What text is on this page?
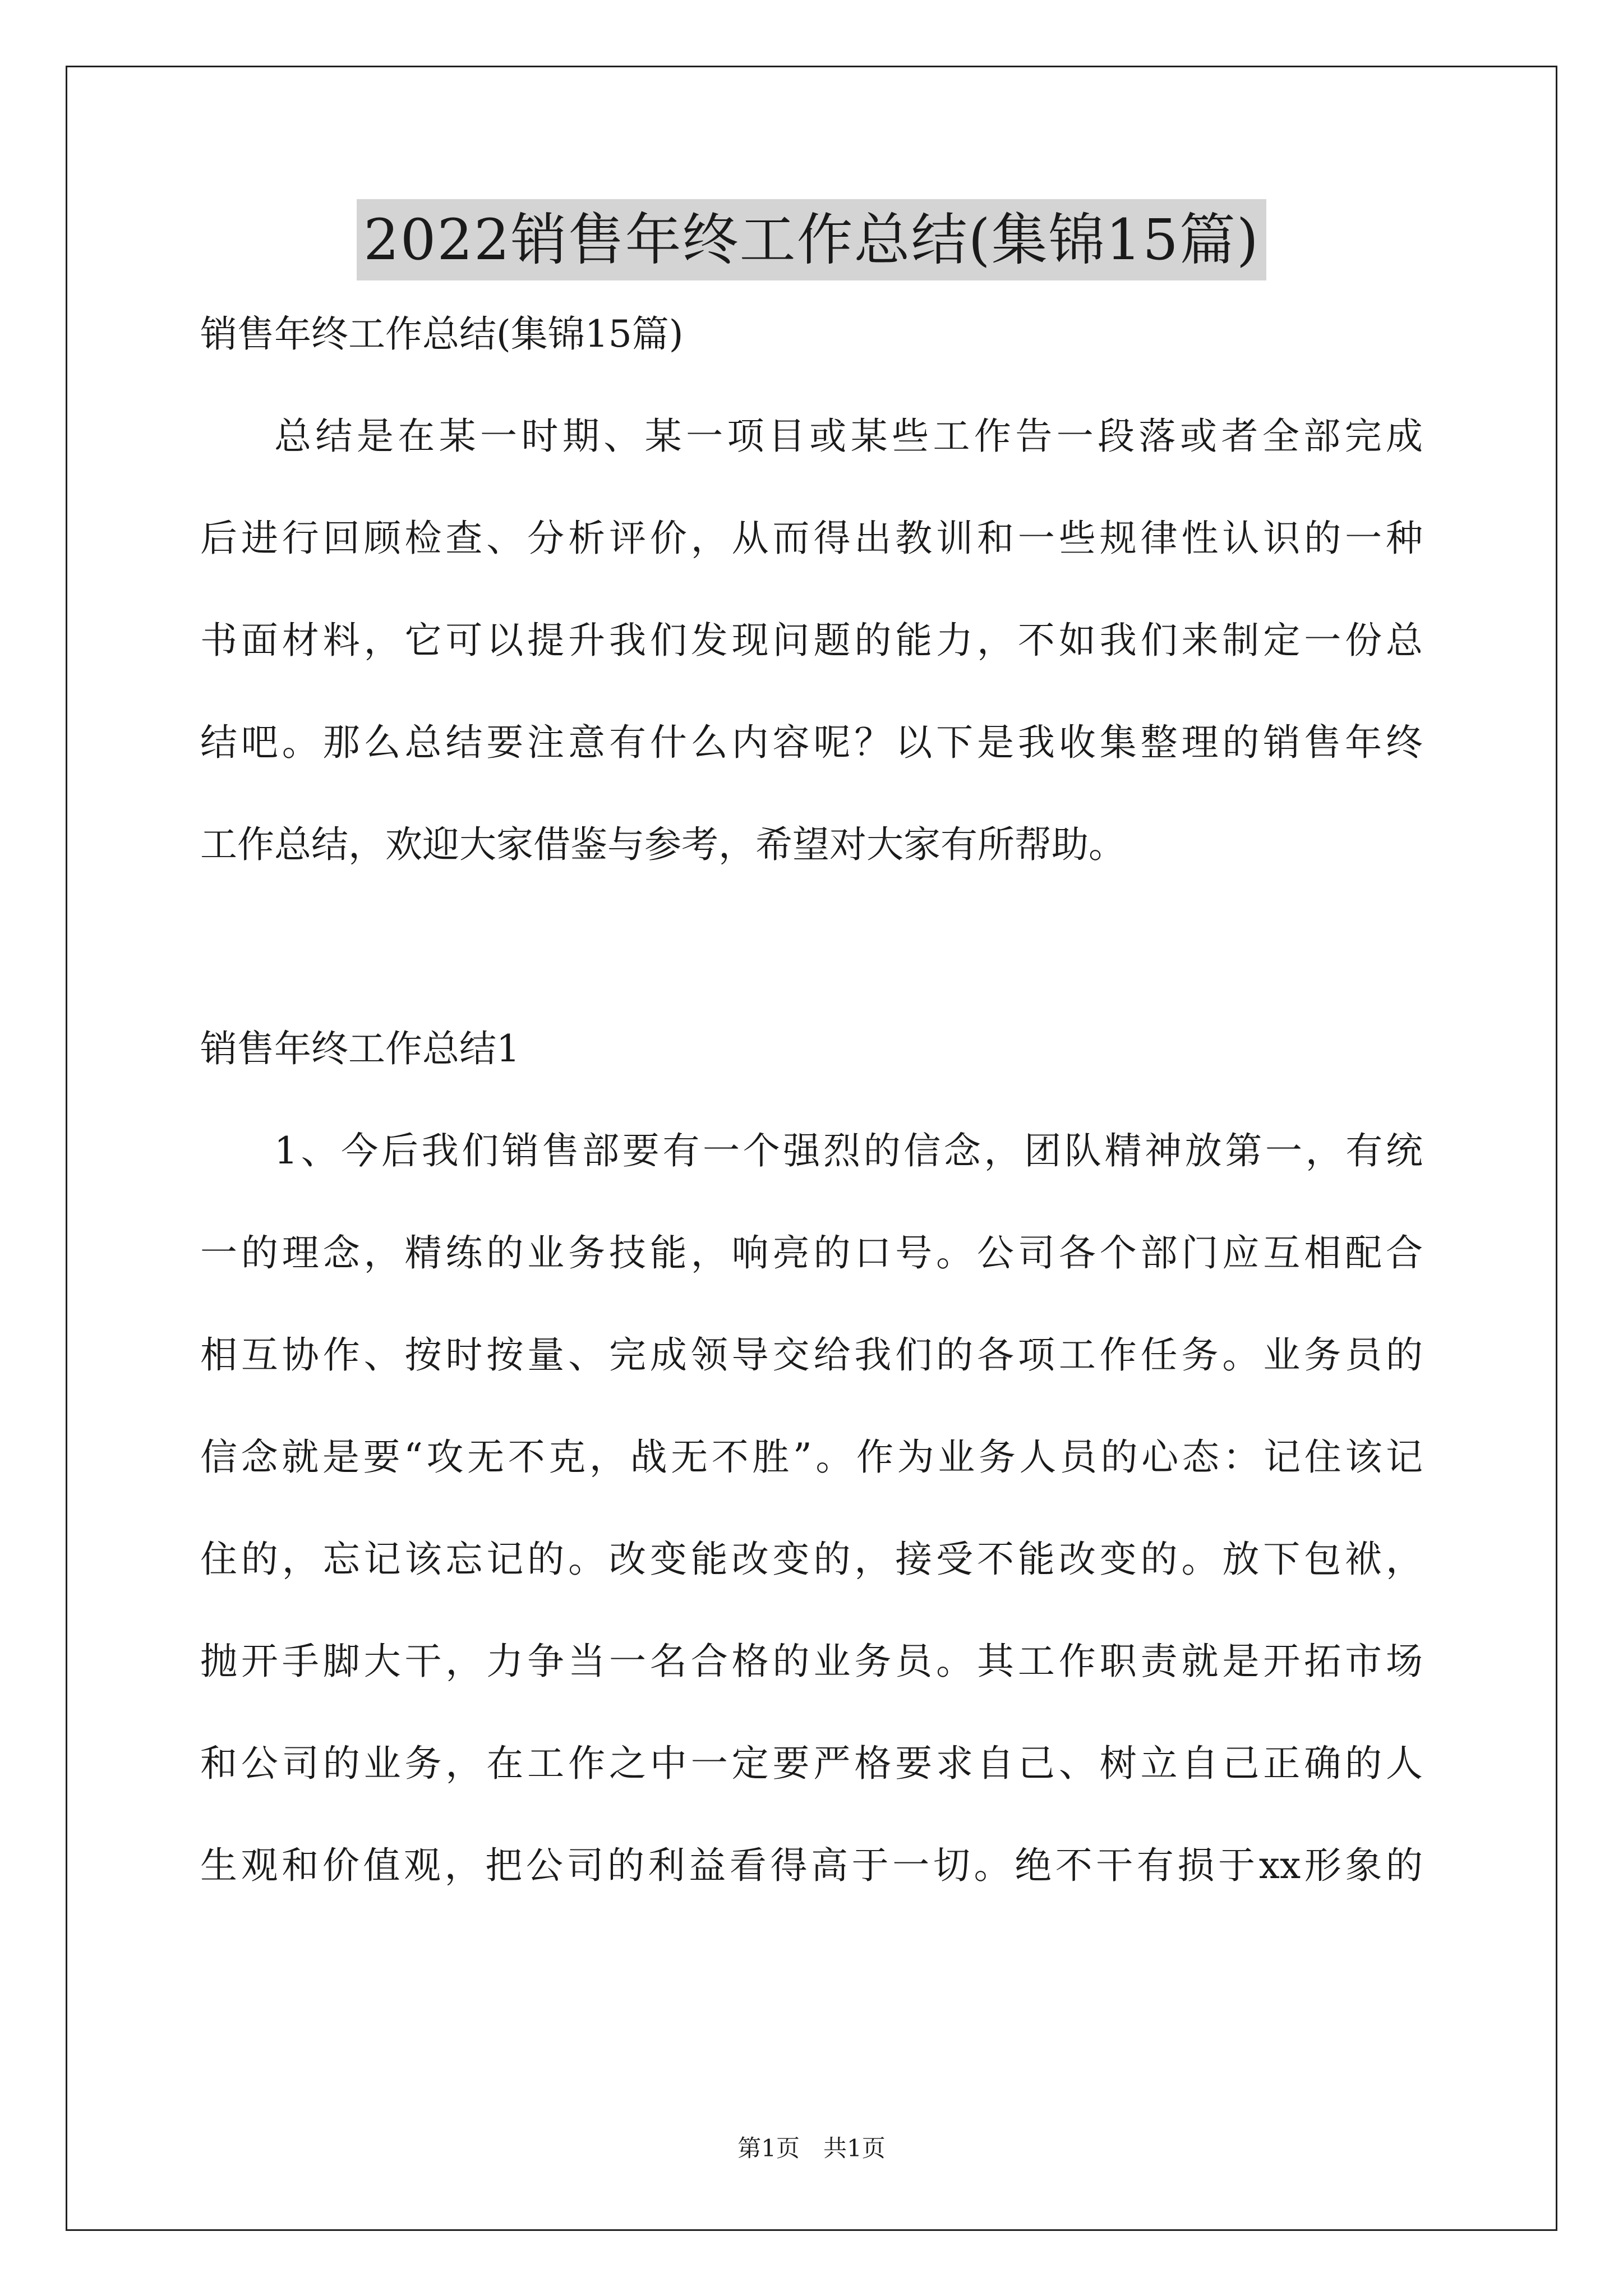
2022销售年终工作总结(集锦15篇)
销售年终工作总结(集锦15篇)
总结是在某一时期、某一项目或某些工作告一段落或者全部完成
后进行回顾检查、分析评价，从而得出教训和一些规律性认识的一种
书面材料，它可以提升我们发现问题的能力，不如我们来制定一份总
结吧。那么总结要注意有什么内容呢？以下是我收集整理的销售年终
工作总结，欢迎大家借鉴与参考，希望对大家有所帮助。
销售年终工作总结1
1、今后我们销售部要有一个强烈的信念，团队精神放第一，有统
一的理念，精练的业务技能，响亮的口号。公司各个部门应互相配合
相互协作、按时按量、完成领导交给我们的各项工作任务。业务员的
信念就是要“攻无不克，战无不胜”。作为业务人员的心态：记住该记
住的，忘记该忘记的。改变能改变的，接受不能改变的。放下包袱，
抛开手脚大干，力争当一名合格的业务员。其工作职责就是开拓市场
和公司的业务，在工作之中一定要严格要求自己、树立自己正确的人
生观和价值观，把公司的利益看得高于一切。绝不干有损于xx形象的
第1页　共1页
